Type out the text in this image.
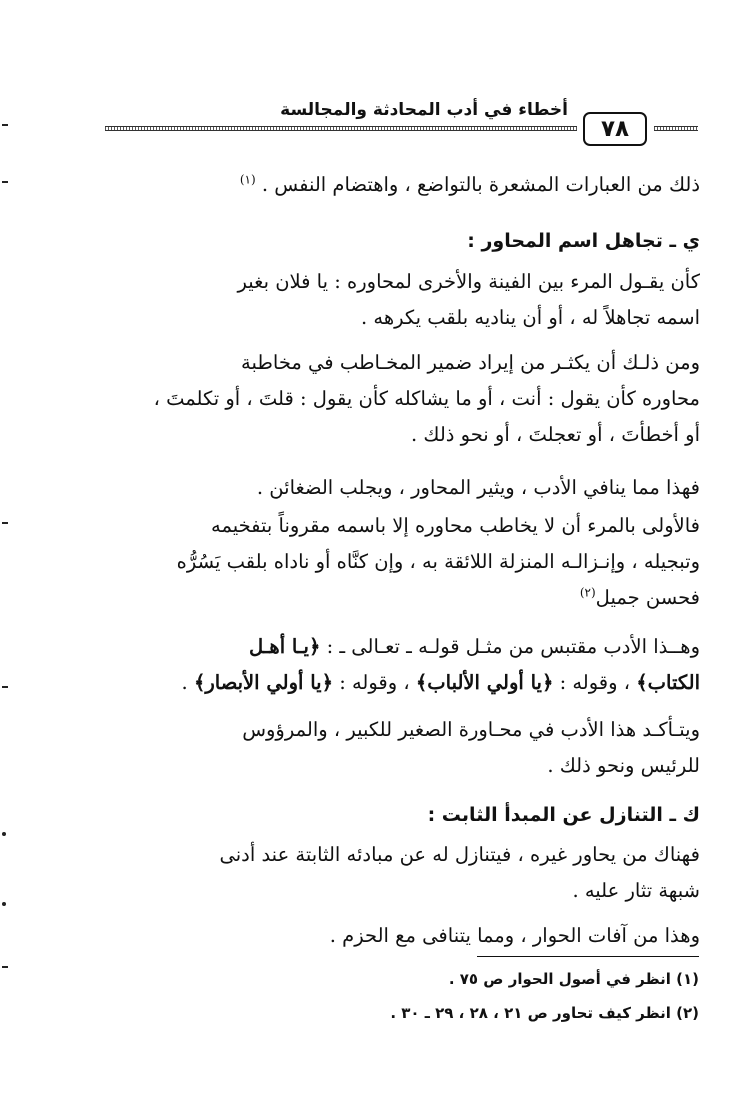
أخطاء في أدب المحادثة والمجالسة
٧٨
ذلك من العبارات المشعرة بالتواضع ، واهتضام النفس . $^{(١)}$
ي ـ تجاهل اسم المحاور :
كأن يقـول المرء بين الفينة والأخرى لمحاوره : يا فلان بغير
اسمه تجاهلاً له ، أو أن يناديه بلقب يكرهه .
ومن ذلـك أن يكثـر من إيراد ضمير المخـاطب في مخاطبة
محاوره كأن يقول : أنت ، أو ما يشاكله كأن يقول : قلتَ ، أو تكلمتَ ،
أو أخطأتَ ، أو تعجلتَ ، أو نحو ذلك .
فهذا مما ينافي الأدب ، ويثير المحاور ، ويجلب الضغائن .
فالأولى بالمرء أن لا يخاطب محاوره إلا باسمه مقروناً بتفخيمه
وتبجيله ، وإنـزالـه المنزلة اللائقة به ، وإن كنَّاه أو ناداه بلقب يَسُرُّه
فحسن جميل$^{(٢)}$
وهــذا الأدب مقتبس من مثـل قولـه ـ تعـالى ـ : ﴿يـا أهـل
الكتاب﴾ ، وقوله : ﴿يا أولي الألباب﴾ ، وقوله : ﴿يا أولي الأبصار﴾ .
ويتـأكـد هذا الأدب في محـاورة الصغير للكبير ، والمرؤوس
للرئيس ونحو ذلك .
ك ـ التنازل عن المبدأ الثابت :
فهناك من يحاور غيره ، فيتنازل له عن مبادئه الثابتة عند أدنى
شبهة تثار عليه .
وهذا من آفات الحوار ، ومما يتنافى مع الحزم .
(١) انظر في أصول الحوار ص ٧٥ .
(٢) انظر كيف تحاور ص ٢١ ، ٢٨ ، ٢٩ ـ ٣٠ .
